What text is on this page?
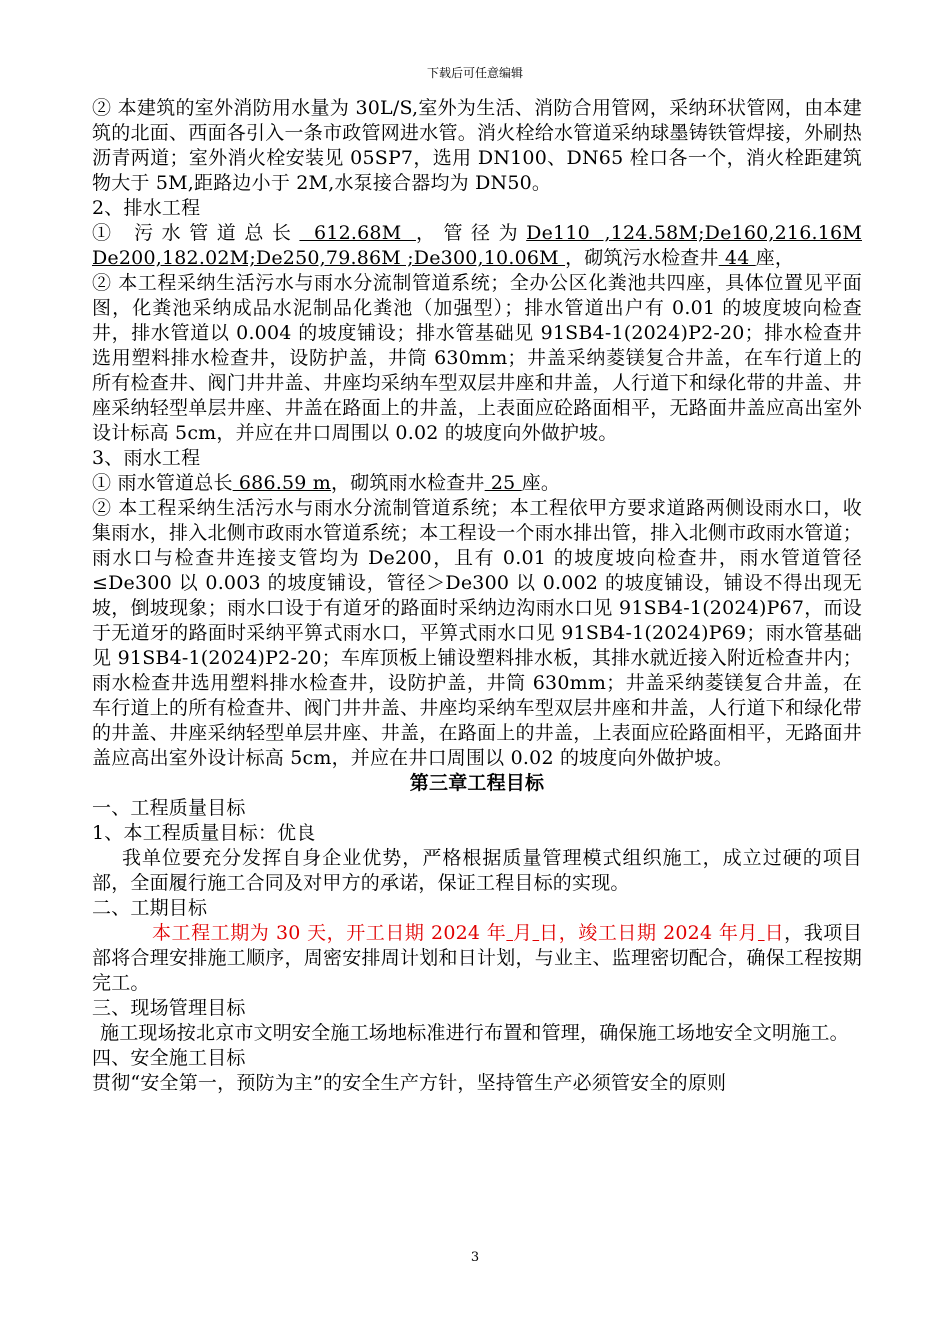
下载后可任意编辑

② 本建筑的室外消防用水量为 30L/S,室外为生活、消防合用管网，采纳环状管网，由本建筑的北面、西面各引入一条市政管网进水管。消火栓给水管道采纳球墨铸铁管焊接，外刷热沥青两道；室外消火栓安装见 05SP7，选用 DN100、DN65 栓口各一个，消火栓距建筑物大于 5M,距路边小于 2M,水泵接合器均为 DN50。

2、排水工程

① 污水管道总长 612.68M ，管径为De110 ,124.58M;De160,216.16M De200,182.02M;De250,79.86M ;De300,10.06M ，砌筑污水检查井 44 座，

② 本工程采纳生活污水与雨水分流制管道系统；全办公区化粪池共四座，具体位置见平面图，化粪池采纳成品水泥制品化粪池（加强型）；排水管道出户有 0.01 的坡度坡向检查井，排水管道以 0.004 的坡度铺设；排水管基础见 91SB4-1(2024)P2-20；排水检查井选用塑料排水检查井，设防护盖，井筒 630mm；井盖采纳菱镁复合井盖，在车行道上的所有检查井、阀门井井盖、井座均采纳车型双层井座和井盖，人行道下和绿化带的井盖、井座采纳轻型单层井座、井盖在路面上的井盖，上表面应砼路面相平，无路面井盖应高出室外设计标高 5cm，并应在井口周围以 0.02 的坡度向外做护坡。

3、雨水工程

① 雨水管道总长 686.59 m，砌筑雨水检查井 25 座。

② 本工程采纳生活污水与雨水分流制管道系统；本工程依甲方要求道路两侧设雨水口，收集雨水，排入北侧市政雨水管道系统；本工程设一个雨水排出管，排入北侧市政雨水管道；雨水口与检查井连接支管均为 De200，且有 0.01 的坡度坡向检查井，雨水管道管径≤De300 以 0.003 的坡度铺设，管径＞De300 以 0.002 的坡度铺设，铺设不得出现无坡，倒坡现象；雨水口设于有道牙的路面时采纳边沟雨水口见 91SB4-1(2024)P67，而设于无道牙的路面时采纳平箅式雨水口，平箅式雨水口见 91SB4-1(2024)P69；雨水管基础见 91SB4-1(2024)P2-20；车库顶板上铺设塑料排水板，其排水就近接入附近检查井内；雨水检查井选用塑料排水检查井，设防护盖，井筒 630mm；井盖采纳菱镁复合井盖，在车行道上的所有检查井、阀门井井盖、井座均采纳车型双层井座和井盖，人行道下和绿化带的井盖、井座采纳轻型单层井座、井盖，在路面上的井盖，上表面应砼路面相平，无路面井盖应高出室外设计标高 5cm，并应在井口周围以 0.02 的坡度向外做护坡。

第三章工程目标

一、工程质量目标

1、本工程质量目标：优良

我单位要充分发挥自身企业优势，严格根据质量管理模式组织施工，成立过硬的项目部，全面履行施工合同及对甲方的承诺，保证工程目标的实现。

二、工期目标

本工程工期为 30 天，开工日期 2024 年 月 日，竣工日期 2024 年月 日，我项目部将合理安排施工顺序，周密安排周计划和日计划，与业主、监理密切配合，确保工程按期完工。

三、现场管理目标

施工现场按北京市文明安全施工场地标准进行布置和管理，确保施工场地安全文明施工。

四、安全施工目标

贯彻“安全第一，预防为主”的安全生产方针，坚持管生产必须管安全的原则

3
